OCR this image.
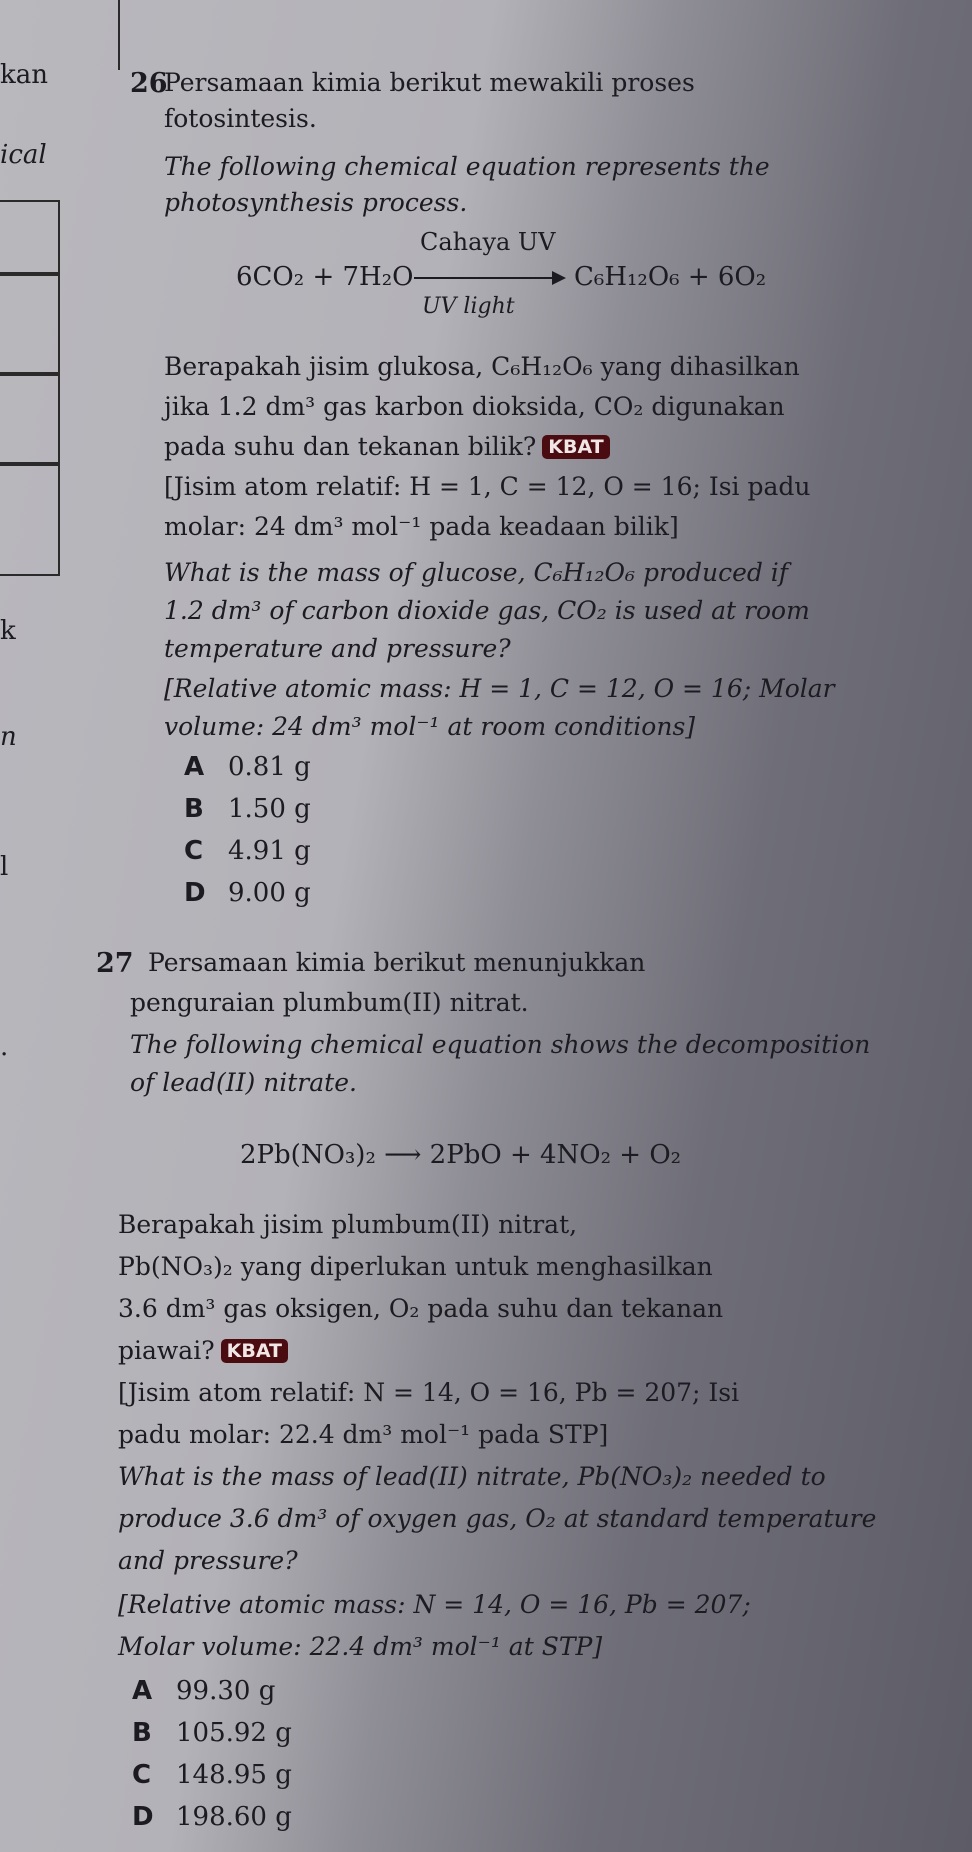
kan
ical
k
n
l
.
26
Persamaan kimia berikut mewakili proses
fotosintesis.
The following chemical equation represents the
photosynthesis process.
6CO₂ + 7H₂O
Cahaya UV
UV light
C₆H₁₂O₆ + 6O₂
Berapakah jisim glukosa, C₆H₁₂O₆ yang dihasilkan
jika 1.2 dm³ gas karbon dioksida, CO₂ digunakan
pada suhu dan tekanan bilik? KBAT
[Jisim atom relatif: H = 1, C = 12, O = 16; Isi padu
molar: 24 dm³ mol⁻¹ pada keadaan bilik]
What is the mass of glucose, C₆H₁₂O₆ produced if
1.2 dm³ of carbon dioxide gas, CO₂ is used at room
temperature and pressure?
[Relative atomic mass: H = 1, C = 12, O = 16; Molar
volume: 24 dm³ mol⁻¹ at room conditions]
A 0.81 g
B 1.50 g
C 4.91 g
D 9.00 g
27 Persamaan kimia berikut menunjukkan
penguraian plumbum(II) nitrat.
The following chemical equation shows the decomposition
of lead(II) nitrate.
2Pb(NO₃)₂ ⟶ 2PbO + 4NO₂ + O₂
Berapakah jisim plumbum(II) nitrat,
Pb(NO₃)₂ yang diperlukan untuk menghasilkan
3.6 dm³ gas oksigen, O₂ pada suhu dan tekanan
piawai? KBAT
[Jisim atom relatif: N = 14, O = 16, Pb = 207; Isi
padu molar: 22.4 dm³ mol⁻¹ pada STP]
What is the mass of lead(II) nitrate, Pb(NO₃)₂ needed to
produce 3.6 dm³ of oxygen gas, O₂ at standard temperature
and pressure?
[Relative atomic mass: N = 14, O = 16, Pb = 207;
Molar volume: 22.4 dm³ mol⁻¹ at STP]
A 99.30 g
B 105.92 g
C 148.95 g
D 198.60 g
